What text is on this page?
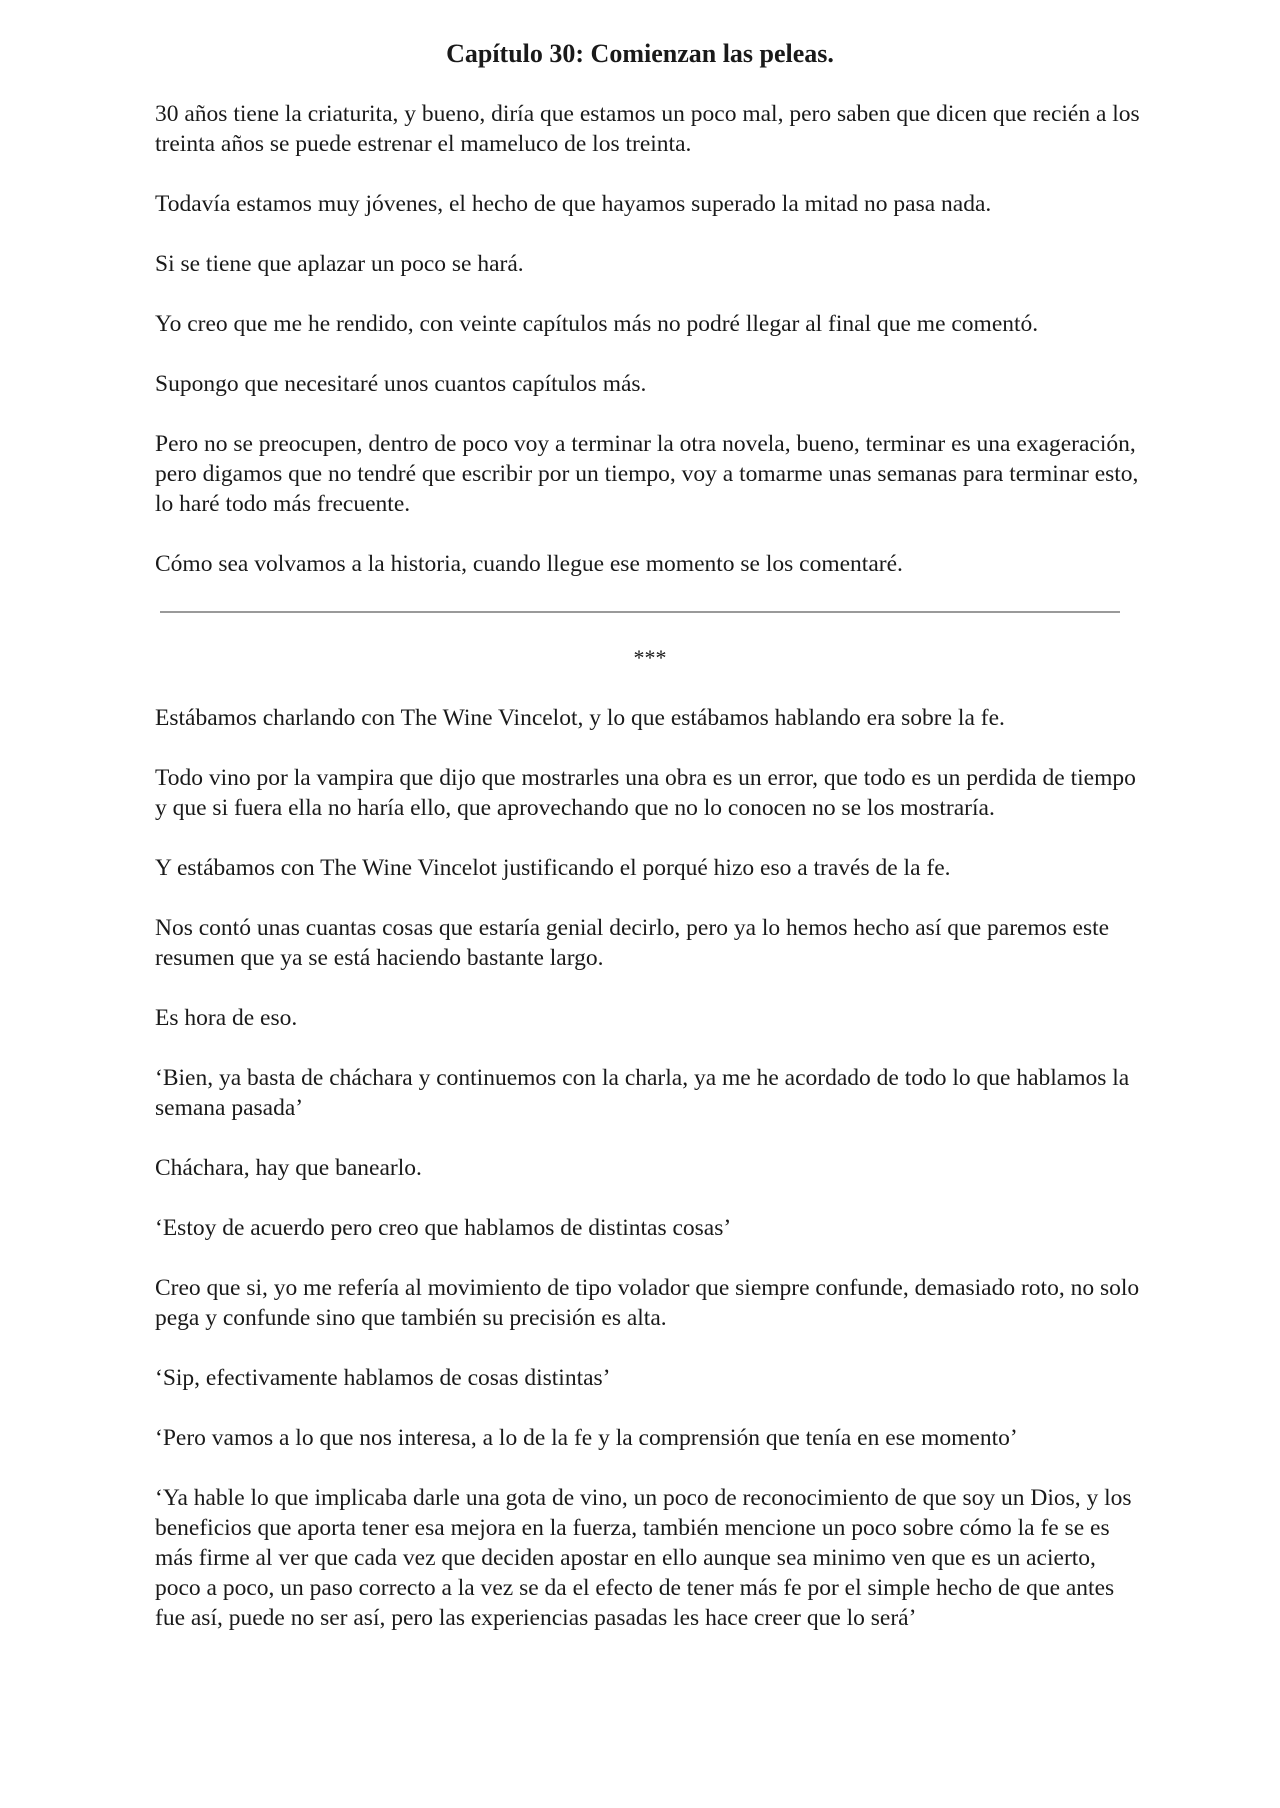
Capítulo 30: Comienzan las peleas.

30 años tiene la criaturita, y bueno, diría que estamos un poco mal, pero saben que dicen que recién a los treinta años se puede estrenar el mameluco de los treinta.

Todavía estamos muy jóvenes, el hecho de que hayamos superado la mitad no pasa nada.

Si se tiene que aplazar un poco se hará.

Yo creo que me he rendido, con veinte capítulos más no podré llegar al final que me comentó.

Supongo que necesitaré unos cuantos capítulos más.

Pero no se preocupen, dentro de poco voy a terminar la otra novela, bueno, terminar es una exageración, pero digamos que no tendré que escribir por un tiempo, voy a tomarme unas semanas para terminar esto, lo haré todo más frecuente.

Cómo sea volvamos a la historia, cuando llegue ese momento se los comentaré.

***

Estábamos charlando con The Wine Vincelot, y lo que estábamos hablando era sobre la fe.

Todo vino por la vampira que dijo que mostrarles una obra es un error, que todo es un perdida de tiempo y que si fuera ella no haría ello, que aprovechando que no lo conocen no se los mostraría.

Y estábamos con The Wine Vincelot justificando el porqué hizo eso a través de la fe.

Nos contó unas cuantas cosas que estaría genial decirlo, pero ya lo hemos hecho así que paremos este resumen que ya se está haciendo bastante largo.

Es hora de eso.

‘Bien, ya basta de cháchara y continuemos con la charla, ya me he acordado de todo lo que hablamos la semana pasada’

Cháchara, hay que banearlo.

‘Estoy de acuerdo pero creo que hablamos de distintas cosas’

Creo que si, yo me refería al movimiento de tipo volador que siempre confunde, demasiado roto, no solo pega y confunde sino que también su precisión es alta.

‘Sip, efectivamente hablamos de cosas distintas’

‘Pero vamos a lo que nos interesa, a lo de la fe y la comprensión que tenía en ese momento’

‘Ya hable lo que implicaba darle una gota de vino, un poco de reconocimiento de que soy un Dios, y los beneficios que aporta tener esa mejora en la fuerza, también mencione un poco sobre cómo la fe se es más firme al ver que cada vez que deciden apostar en ello aunque sea minimo ven que es un acierto, poco a poco, un paso correcto a la vez se da el efecto de tener más fe por el simple hecho de que antes fue así, puede no ser así, pero las experiencias pasadas les hace creer que lo será’
